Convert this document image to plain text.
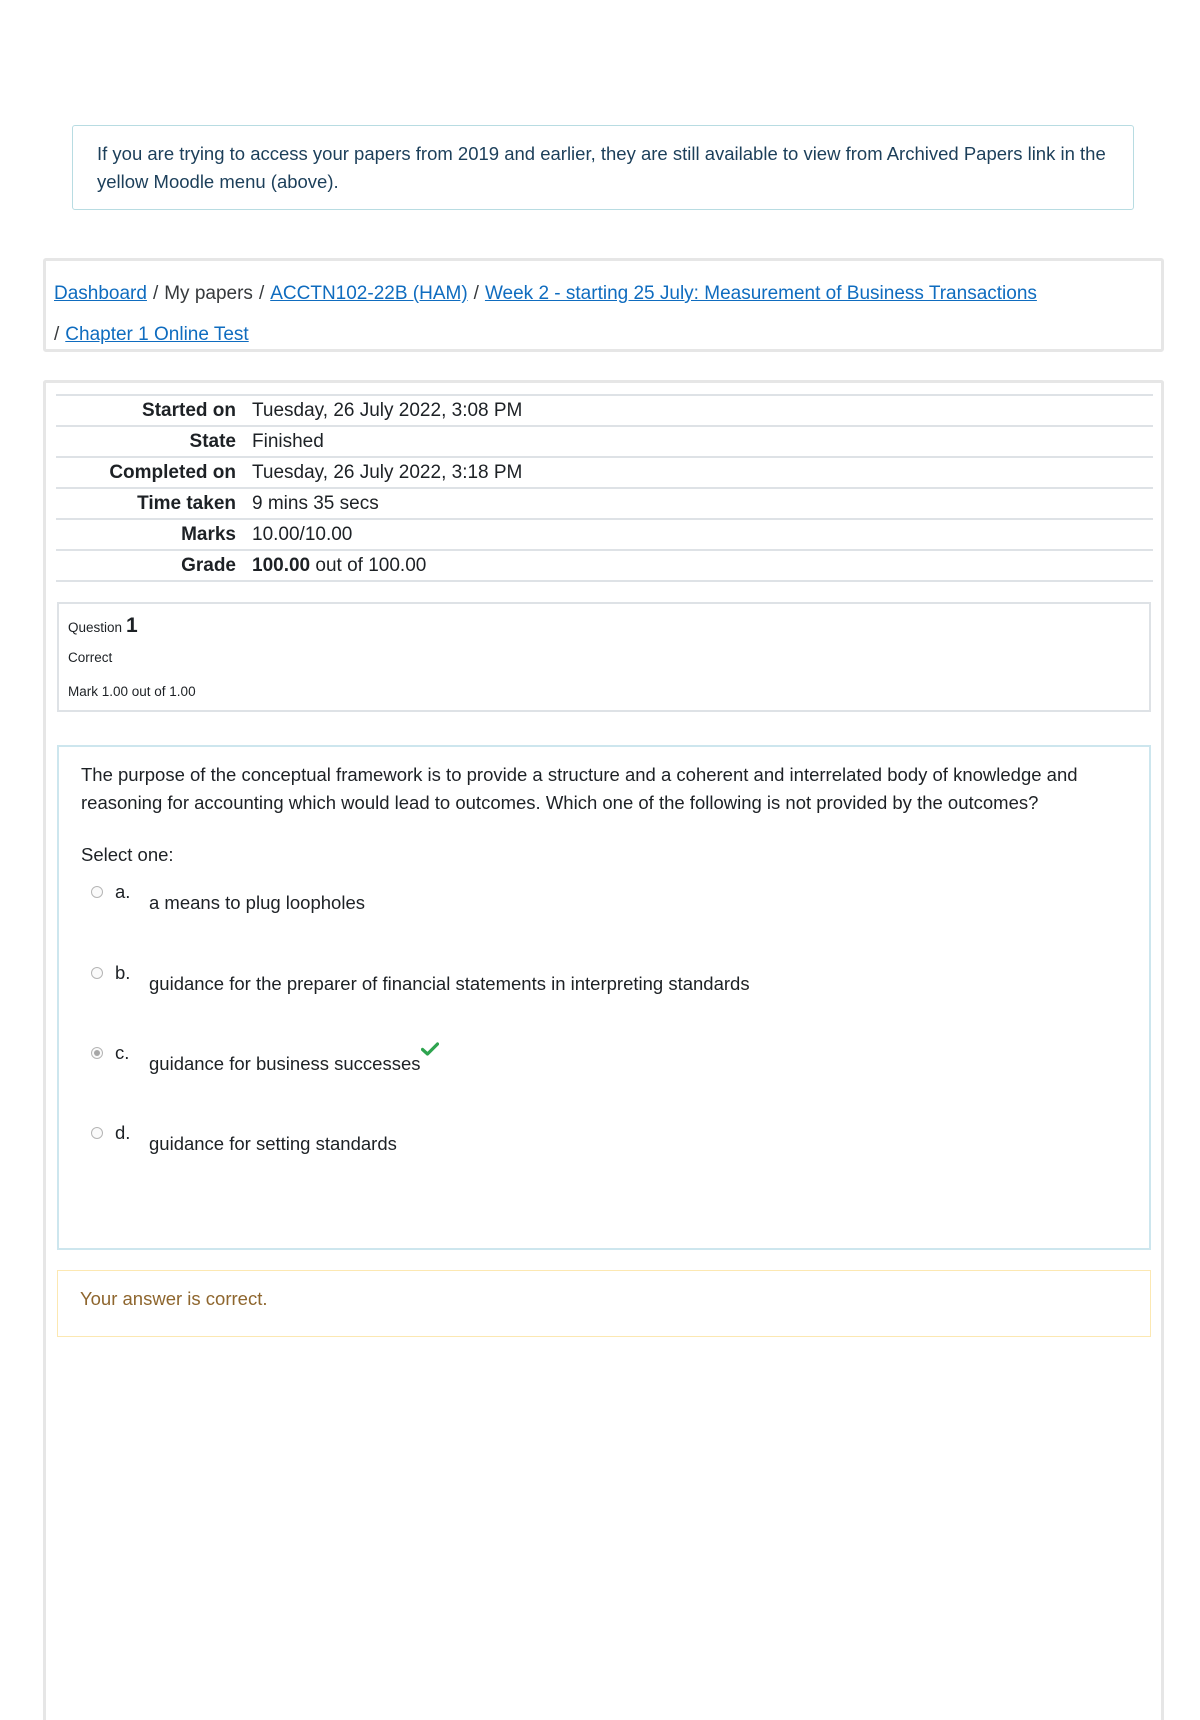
If you are trying to access your papers from 2019 and earlier, they are still available to view from Archived Papers link in the yellow Moodle menu (above).
Dashboard / My papers / ACCTN102-22B (HAM) / Week 2 - starting 25 July: Measurement of Business Transactions
/ Chapter 1 Online Test
Started on	Tuesday, 26 July 2022, 3:08 PM
State	Finished
Completed on	Tuesday, 26 July 2022, 3:18 PM
Time taken	9 mins 35 secs
Marks	10.00/10.00
Grade	100.00 out of 100.00
Question 1
Correct
Mark 1.00 out of 1.00
The purpose of the conceptual framework is to provide a structure and a coherent and interrelated body of knowledge and reasoning for accounting which would lead to outcomes. Which one of the following is not provided by the outcomes?
Select one:
a.
a means to plug loopholes
b.
guidance for the preparer of financial statements in interpreting standards
c.
guidance for business successes
d.
guidance for setting standards
Your answer is correct.
